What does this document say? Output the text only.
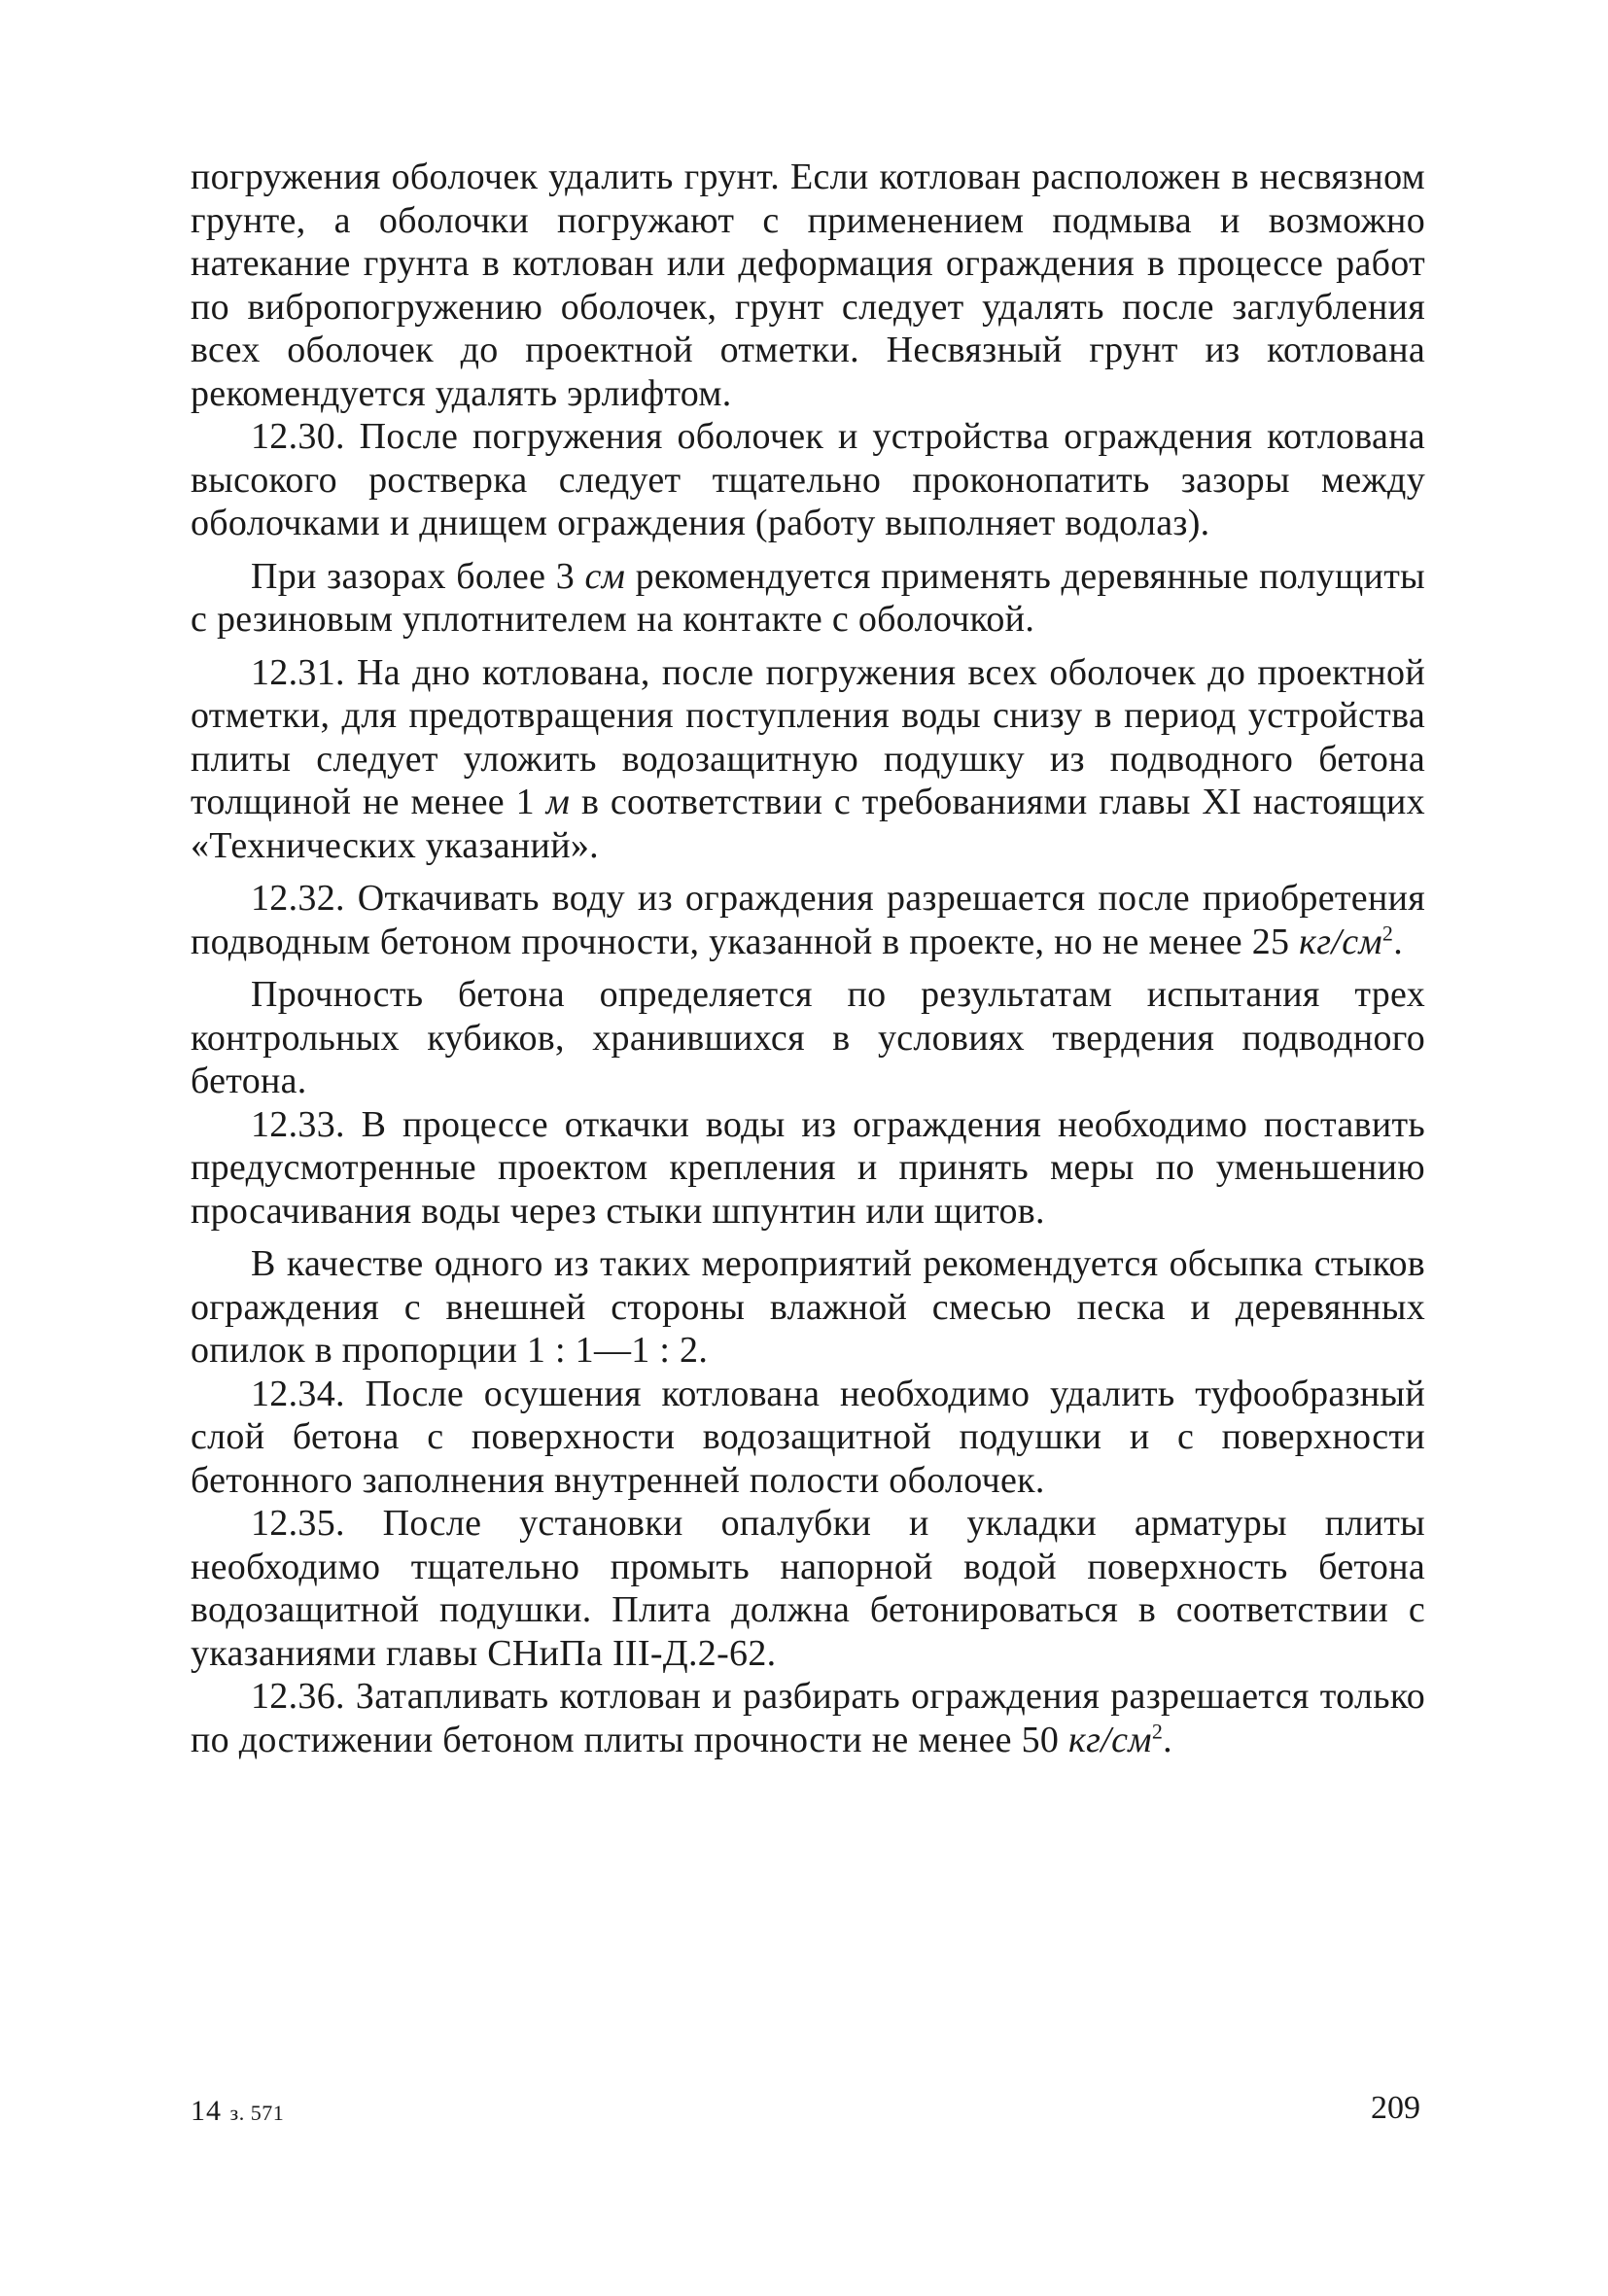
погружения оболочек удалить грунт. Если котлован расположен в несвязном грунте, а оболочки погружают с применением подмыва и возможно натекание грунта в котлован или деформация ограждения в процессе работ по вибропогружению оболочек, грунт следует удалять после заглубления всех оболочек до проектной отметки. Несвязный грунт из котлована рекомендуется удалять эрлифтом.

12.30. После погружения оболочек и устройства ограждения котлована высокого ростверка следует тщательно проконопатить зазоры между оболочками и днищем ограждения (работу выполняет водолаз).

При зазорах более 3 см рекомендуется применять деревянные полущиты с резиновым уплотнителем на контакте с оболочкой.

12.31. На дно котлована, после погружения всех оболочек до проектной отметки, для предотвращения поступления воды снизу в период устройства плиты следует уложить водозащитную подушку из подводного бетона толщиной не менее 1 м в соответствии с требованиями главы XI настоящих «Технических указаний».

12.32. Откачивать воду из ограждения разрешается после приобретения подводным бетоном прочности, указанной в проекте, но не менее 25 $кг/см^2$.

Прочность бетона определяется по результатам испытания трех контрольных кубиков, хранившихся в условиях твердения подводного бетона.

12.33. В процессе откачки воды из ограждения необходимо поставить предусмотренные проектом крепления и принять меры по уменьшению просачивания воды через стыки шпунтин или щитов.

В качестве одного из таких мероприятий рекомендуется обсыпка стыков ограждения с внешней стороны влажной смесью песка и деревянных опилок в пропорции 1 : 1—1 : 2.

12.34. После осушения котлована необходимо удалить туфообразный слой бетона с поверхности водозащитной подушки и с поверхности бетонного заполнения внутренней полости оболочек.

12.35. После установки опалубки и укладки арматуры плиты необходимо тщательно промыть напорной водой поверхность бетона водозащитной подушки. Плита должна бетонироваться в соответствии с указаниями главы СНиПа III-Д.2-62.

12.36. Затапливать котлован и разбирать ограждения разрешается только по достижении бетоном плиты прочности не менее 50 $кг/см^2$.

14 з. 571	209
